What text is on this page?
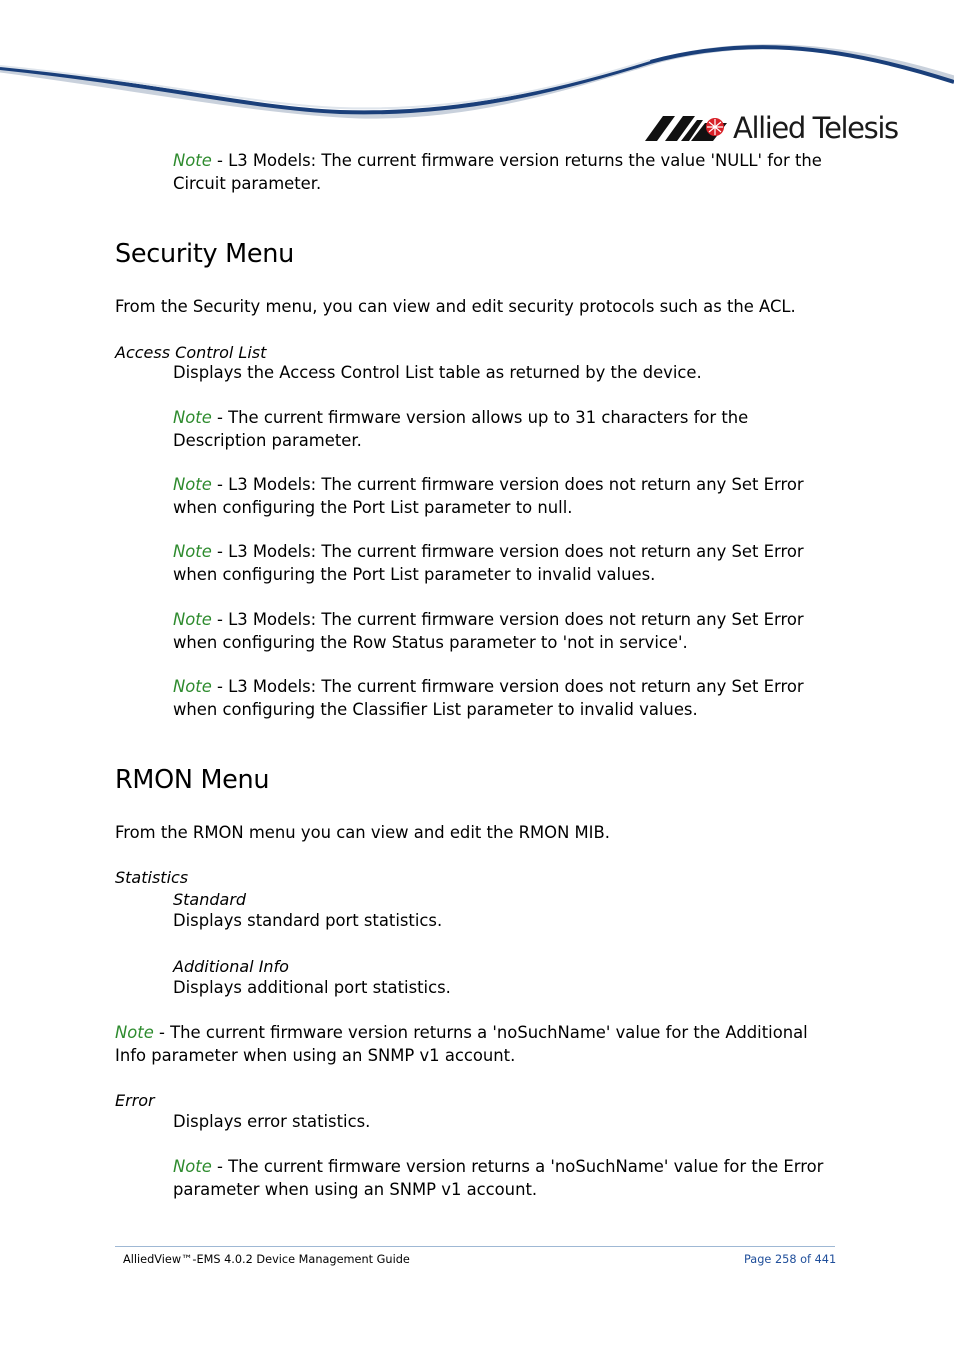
Allied Telesis

Note - L3 Models: The current firmware version returns the value 'NULL' for the Circuit parameter.

Security Menu

From the Security menu, you can view and edit security protocols such as the ACL.

Access Control List

Displays the Access Control List table as returned by the device.

Note - The current firmware version allows up to 31 characters for the Description parameter.

Note - L3 Models: The current firmware version does not return any Set Error when configuring the Port List parameter to null.

Note - L3 Models: The current firmware version does not return any Set Error when configuring the Port List parameter to invalid values.

Note - L3 Models: The current firmware version does not return any Set Error when configuring the Row Status parameter to 'not in service'.

Note - L3 Models: The current firmware version does not return any Set Error when configuring the Classifier List parameter to invalid values.

RMON Menu

From the RMON menu you can view and edit the RMON MIB.

Statistics

Standard

Displays standard port statistics.

Additional Info

Displays additional port statistics.

Note - The current firmware version returns a 'noSuchName' value for the Additional Info parameter when using an SNMP v1 account.

Error

Displays error statistics.

Note - The current firmware version returns a 'noSuchName' value for the Error parameter when using an SNMP v1 account.

AlliedView™-EMS 4.0.2 Device Management Guide	Page 258 of 441
